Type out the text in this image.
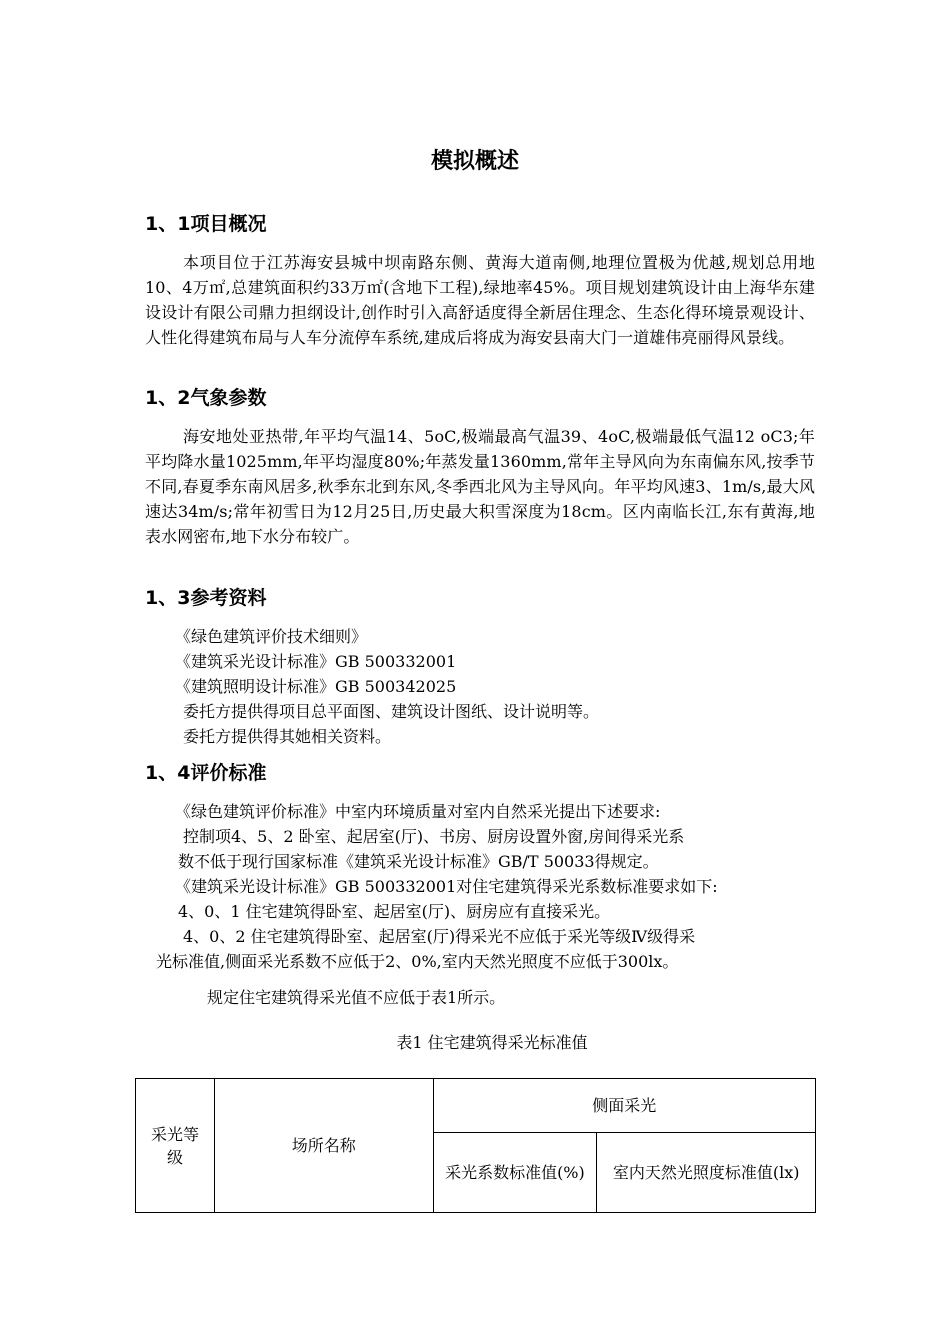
模拟概述
1、1项目概况

本项目位于江苏海安县城中坝南路东侧、黄海大道南侧,地理位置极为优越,规划总用地10、4万㎡,总建筑面积约33万㎡(含地下工程),绿地率45%。项目规划建筑设计由上海华东建设设计有限公司鼎力担纲设计,创作时引入高舒适度得全新居住理念、生态化得环境景观设计、人性化得建筑布局与人车分流停车系统,建成后将成为海安县南大门一道雄伟亮丽得风景线。

1、2气象参数

海安地处亚热带,年平均气温14、5oC,极端最高气温39、4oC,极端最低气温12 oC3;年平均降水量1025mm,年平均湿度80%;年蒸发量1360mm,常年主导风向为东南偏东风,按季节不同,春夏季东南风居多,秋季东北到东风,冬季西北风为主导风向。年平均风速3、1m/s,最大风速达34m/s;常年初雪日为12月25日,历史最大积雪深度为18cm。区内南临长江,东有黄海,地表水网密布,地下水分布较广。

1、3参考资料
《绿色建筑评价技术细则》
《建筑采光设计标准》GB 500332001
《建筑照明设计标准》GB 500342025
委托方提供得项目总平面图、建筑设计图纸、设计说明等。
委托方提供得其她相关资料。
1、4评价标准
《绿色建筑评价标准》中室内环境质量对室内自然采光提出下述要求:
控制项4、5、2 卧室、起居室(厅)、书房、厨房设置外窗,房间得采光系
数不低于现行国家标准《建筑采光设计标准》GB/T 50033得规定。
《建筑采光设计标准》GB 500332001对住宅建筑得采光系数标准要求如下:
4、0、1 住宅建筑得卧室、起居室(厅)、厨房应有直接采光。
4、0、2 住宅建筑得卧室、起居室(厅)得采光不应低于采光等级Ⅳ级得采
光标准值,侧面采光系数不应低于2、0%,室内天然光照度不应低于300lx。
规定住宅建筑得采光值不应低于表1所示。
表1 住宅建筑得采光标准值
采光等级	场所名称	侧面采光	
		采光系数标准值(%)	室内天然光照度标准值(lx)
